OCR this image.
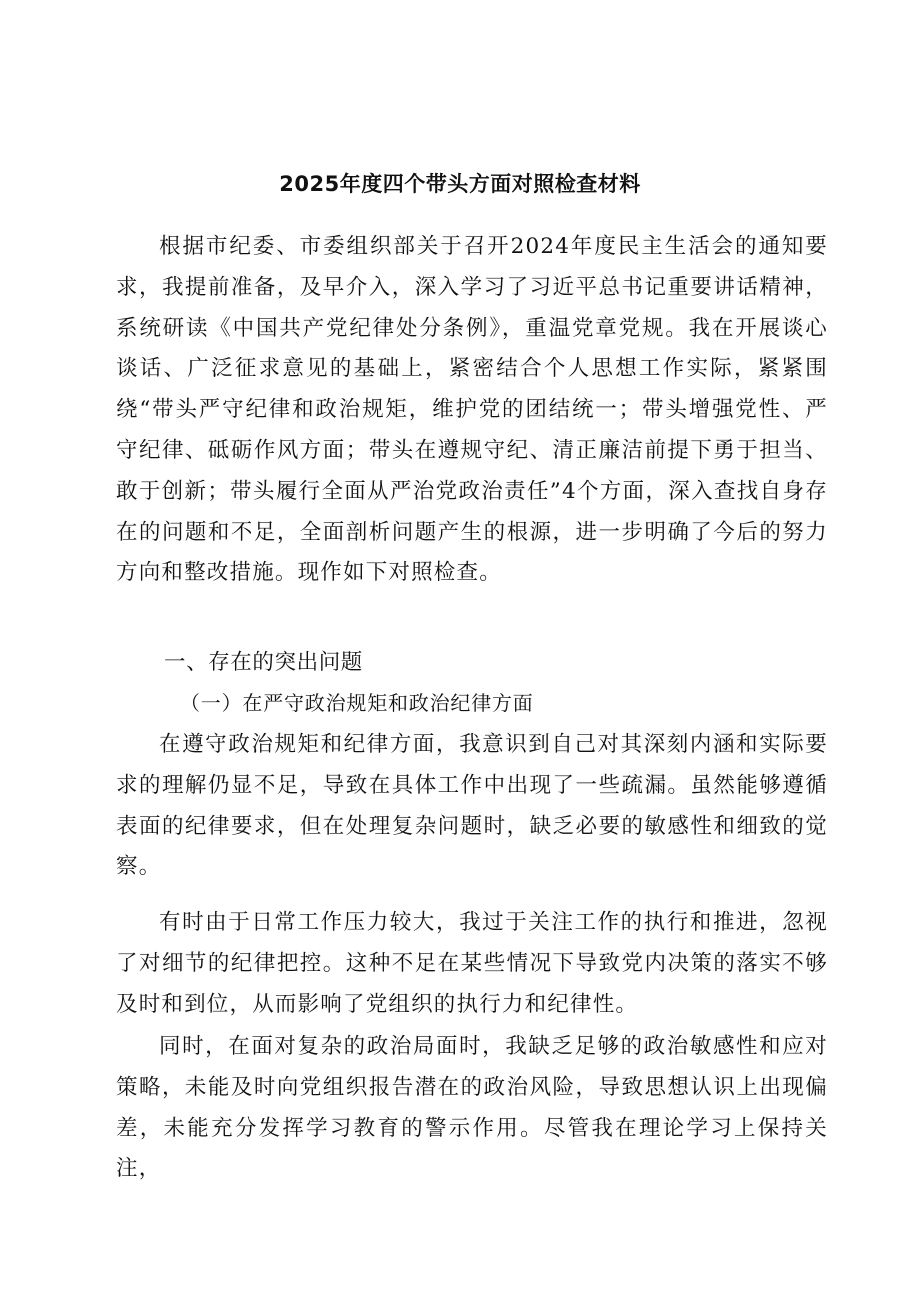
2025年度四个带头方面对照检查材料

根据市纪委、市委组织部关于召开2024年度民主生活会的通知要求，我提前准备，及早介入，深入学习了习近平总书记重要讲话精神，系统研读《中国共产党纪律处分条例》，重温党章党规。我在开展谈心谈话、广泛征求意见的基础上，紧密结合个人思想工作实际，紧紧围绕“带头严守纪律和政治规矩，维护党的团结统一；带头增强党性、严守纪律、砥砺作风方面；带头在遵规守纪、清正廉洁前提下勇于担当、敢于创新；带头履行全面从严治党政治责任”4个方面，深入查找自身存在的问题和不足，全面剖析问题产生的根源，进一步明确了今后的努力方向和整改措施。现作如下对照检查。

一、存在的突出问题
（一）在严守政治规矩和政治纪律方面

在遵守政治规矩和纪律方面，我意识到自己对其深刻内涵和实际要求的理解仍显不足，导致在具体工作中出现了一些疏漏。虽然能够遵循表面的纪律要求，但在处理复杂问题时，缺乏必要的敏感性和细致的觉察。

有时由于日常工作压力较大，我过于关注工作的执行和推进，忽视了对细节的纪律把控。这种不足在某些情况下导致党内决策的落实不够及时和到位，从而影响了党组织的执行力和纪律性。

同时，在面对复杂的政治局面时，我缺乏足够的政治敏感性和应对策略，未能及时向党组织报告潜在的政治风险，导致思想认识上出现偏差，未能充分发挥学习教育的警示作用。尽管我在理论学习上保持关注，
